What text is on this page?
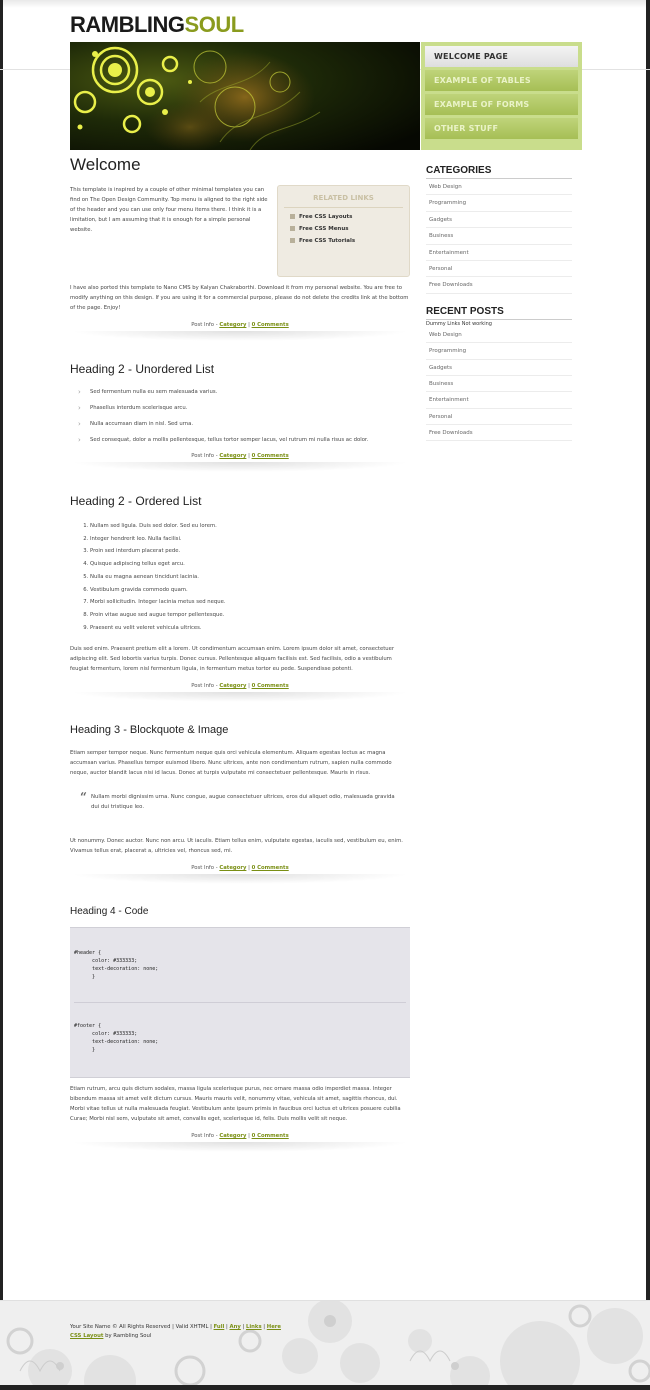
RAMBLINGSOUL
WELCOME PAGE
EXAMPLE OF TABLES
EXAMPLE OF FORMS
OTHER STUFF
Welcome
RELATED LINKS
Free CSS Layouts
Free CSS Menus
Free CSS Tutorials

This template is inspired by a couple of other minimal templates you can find on The Open Design Community. Top menu is aligned to the right side of the header and you can use only four menu items there. I think it is a limitation, but I am assuming that it is enough for a simple personal website.

I have also ported this template to Nano CMS by Kalyan Chakraborthi. Download it from my personal website. You are free to modify anything on this design. If you are using it for a commercial purpose, please do not delete the credits link at the bottom of the page. Enjoy!

Post Info - Category | 0 Comments
Heading 2 - Unordered List
› Sed fermentum nulla eu sem malesuada varius.
› Phasellus interdum scelerisque arcu.
› Nulla accumsan diam in nisl. Sed urna.
› Sed consequat, dolor a mollis pellentesque, tellus tortor semper lacus, vel rutrum mi nulla risus ac dolor.
Post Info - Category | 0 Comments
Heading 2 - Ordered List
1. Nullam sed ligula. Duis sed dolor. Sed eu lorem.
2. Integer hendrerit leo. Nulla facilisi.
3. Proin sed interdum placerat pede.
4. Quisque adipiscing tellus eget arcu.
5. Nulla eu magna aenean tincidunt lacinia.
6. Vestibulum gravida commodo quam.
7. Morbi sollicitudin. Integer lacinia metus sed neque.
8. Proin vitae augue sed augue tempor pellentesque.
9. Praesent eu velit veleret vehicula ultrices.

Duis sed enim. Praesent pretium elit a lorem. Ut condimentum accumsan enim. Lorem ipsum dolor sit amet, consectetuer adipiscing elit. Sed lobortis varius turpis. Donec cursus. Pellentesque aliquam facilisis est. Sed facilisis, odio a vestibulum feugiat fermentum, lorem nisl fermentum ligula, in fermentum metus tortor eu pede. Suspendisse potenti.

Post Info - Category | 0 Comments
Heading 3 - Blockquote & Image

Etiam semper tempor neque. Nunc fermentum neque quis orci vehicula elementum. Aliquam egestas lectus ac magna accumsan varius. Phasellus tempor euismod libero. Nunc ultrices, ante non condimentum rutrum, sapien nulla commodo neque, auctor blandit lacus nisi id lacus. Donec at turpis vulputate mi consectetuer pellentesque. Mauris in risus.

“ Nullam morbi dignissim urna. Nunc congue, augue consectetuer ultrices, eros dui aliquet odio, malesuada gravida dui dui tristique leo.

Ut nonummy. Donec auctor. Nunc non arcu. Ut iaculis. Etiam tellus enim, vulputate egestas, iaculis sed, vestibulum eu, enim. Vivamus tellus erat, placerat a, ultricies vel, rhoncus sed, mi.

Post Info - Category | 0 Comments
Heading 4 - Code

#header {
color: #333333;
text-decoration: none;
}

#footer {
color: #333333;
text-decoration: none;
}

Etiam rutrum, arcu quis dictum sodales, massa ligula scelerisque purus, nec ornare massa odio imperdiet massa. Integer bibendum massa sit amet velit dictum cursus. Mauris mauris velit, nonummy vitae, vehicula sit amet, sagittis rhoncus, dui. Morbi vitae tellus ut nulla malesuada feugiat. Vestibulum ante ipsum primis in faucibus orci luctus et ultrices posuere cubilia Curae; Morbi nisl sem, vulputate sit amet, convallis eget, scelerisque id, felis. Duis mollis velit sit neque.

Post Info - Category | 0 Comments
CATEGORIES
Web Design
Programming
Gadgets
Business
Entertainment
Personal
Free Downloads
RECENT POSTS
Dummy Links Not working
Web Design
Programming
Gadgets
Business
Entertainment
Personal
Free Downloads
Your Site Name © All Rights Reserved | Valid XHTML | Full | Any | Links | Here
CSS Layout by Rambling Soul
